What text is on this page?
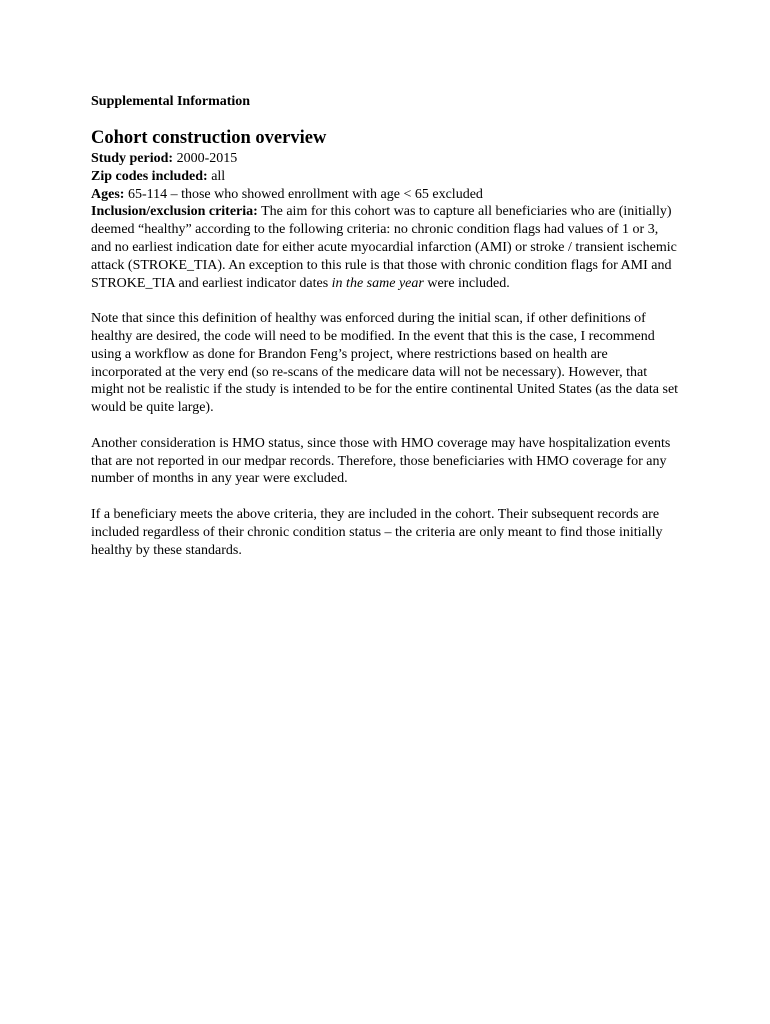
Supplemental Information
Cohort construction overview
Study period: 2000-2015
Zip codes included: all
Ages: 65-114 – those who showed enrollment with age < 65 excluded

Inclusion/exclusion criteria: The aim for this cohort was to capture all beneficiaries who are (initially) deemed “healthy” according to the following criteria: no chronic condition flags had values of 1 or 3, and no earliest indication date for either acute myocardial infarction (AMI) or stroke / transient ischemic attack (STROKE_TIA). An exception to this rule is that those with chronic condition flags for AMI and STROKE_TIA and earliest indicator dates in the same year were included.

Note that since this definition of healthy was enforced during the initial scan, if other definitions of healthy are desired, the code will need to be modified. In the event that this is the case, I recommend using a workflow as done for Brandon Feng’s project, where restrictions based on health are incorporated at the very end (so re-scans of the medicare data will not be necessary). However, that might not be realistic if the study is intended to be for the entire continental United States (as the data set would be quite large).

Another consideration is HMO status, since those with HMO coverage may have hospitalization events that are not reported in our medpar records. Therefore, those beneficiaries with HMO coverage for any number of months in any year were excluded.

If a beneficiary meets the above criteria, they are included in the cohort. Their subsequent records are included regardless of their chronic condition status – the criteria are only meant to find those initially healthy by these standards.
